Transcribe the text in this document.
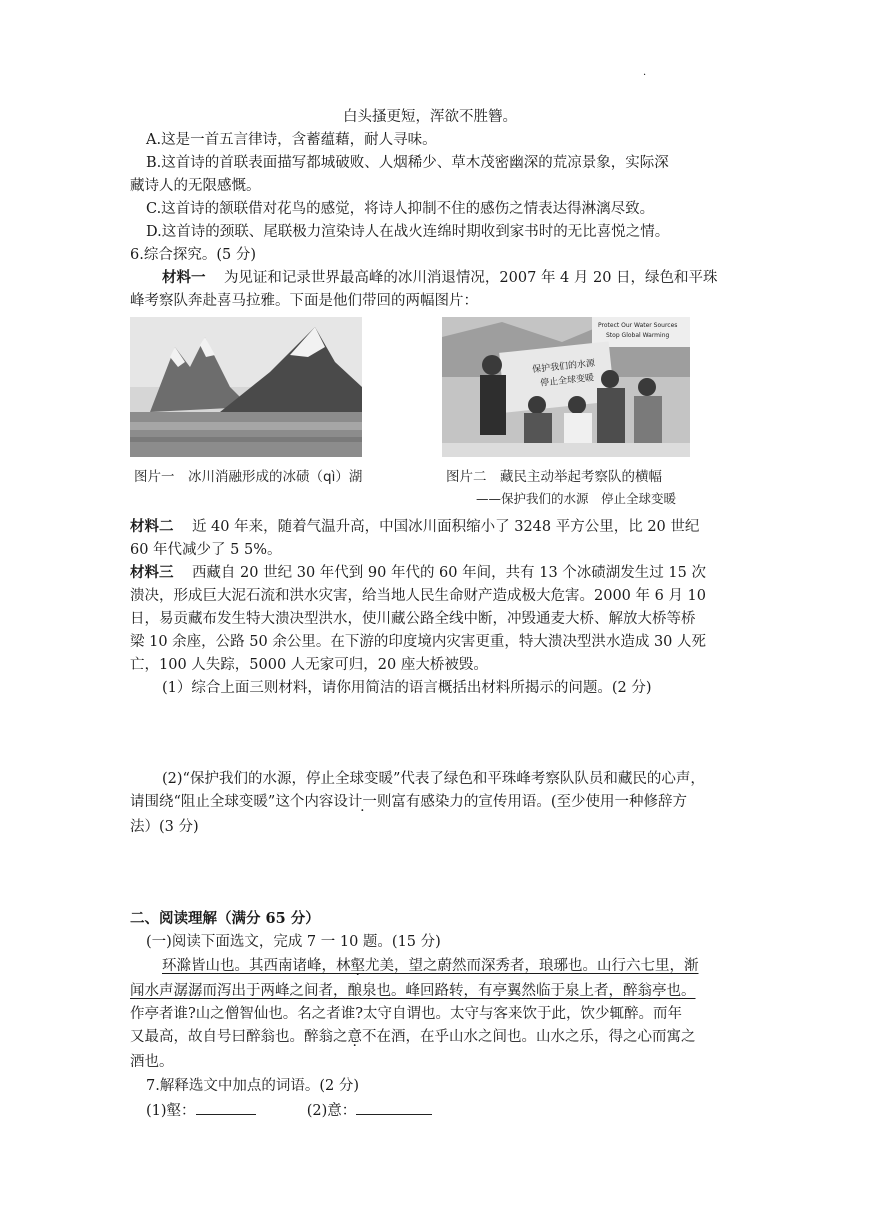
·
白头搔更短，浑欲不胜簪。
A.这是一首五言律诗，含蓄蕴藉，耐人寻味。
B.这首诗的首联表面描写都城破败、人烟稀少、草木茂密幽深的荒凉景象，实际深
藏诗人的无限感慨。
C.这首诗的颔联借对花鸟的感觉，将诗人抑制不住的感伤之情表达得淋漓尽致。
D.这首诗的颈联、尾联极力渲染诗人在战火连绵时期收到家书时的无比喜悦之情。
6.综合探究。(5 分)
材料一 为见证和记录世界最高峰的冰川消退情况，2007 年 4 月 20 日，绿色和平珠
峰考察队奔赴喜马拉雅。下面是他们带回的两幅图片：
保护我们的水源
停止全球变暖
Protect Our Water Sources
Stop Global Warming
图片一　冰川消融形成的冰碛（qì）湖	图片二　藏民主动举起考察队的横幅
——保护我们的水源　停止全球变暖
材料二 近 40 年来，随着气温升高，中国冰川面积缩小了 3248 平方公里，比 20 世纪
60 年代减少了 5 5%。
材料三 西藏自 20 世纪 30 年代到 90 年代的 60 年间，共有 13 个冰碛湖发生过 15 次
溃决，形成巨大泥石流和洪水灾害，给当地人民生命财产造成极大危害。2000 年 6 月 10
日，易贡藏布发生特大溃决型洪水，使川藏公路全线中断，冲毁通麦大桥、解放大桥等桥
梁 10 余座，公路 50 余公里。在下游的印度境内灾害更重，特大溃决型洪水造成 30 人死
亡，100 人失踪，5000 人无家可归，20 座大桥被毁。
(1）综合上面三则材料，请你用简洁的语言概括出材料所揭示的问题。(2 分)
(2)“保护我们的水源，停止全球变暖”代表了绿色和平珠峰考察队队员和藏民的心声，
请围绕“阻止全球变暖”这个内容设计一则富有感染力的宣传用语。(至少使用一种修辞方
法）(3 分)
二、阅读理解（满分 65 分）
(一)阅读下面选文，完成 7 一 10 题。(15 分)
环滁皆山也。其西南诸峰，林壑尤美，望之蔚然而深秀者，琅琊也。山行六七里，渐
闻水声潺潺而泻出于两峰之间者，酿泉也。峰回路转，有亭翼然临于泉上者，醉翁亭也。
作亭者谁?山之僧智仙也。名之者谁?太守自谓也。太守与客来饮于此，饮少辄醉。而年
又最高，故自号曰醉翁也。醉翁之意不在酒，在乎山水之间也。山水之乐，得之心而寓之
酒也。
7.解释选文中加点的词语。(2 分)
(1)壑：	(2)意：
